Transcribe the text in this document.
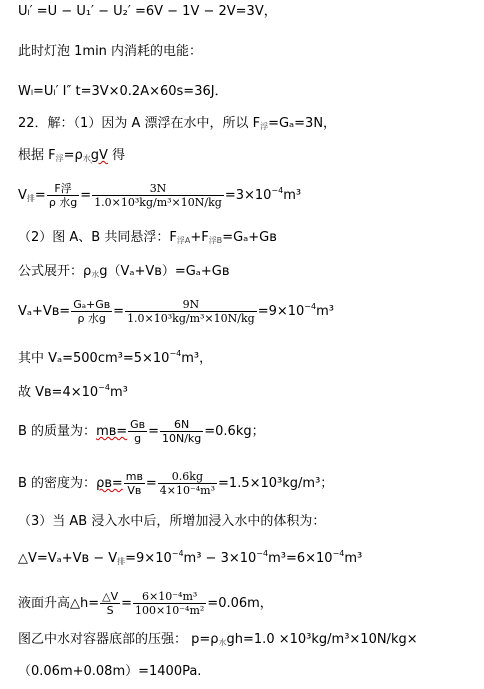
Uₗ′ =U − U₁′ − U₂′ =6V − 1V − 2V=3V，
此时灯泡 1min 内消耗的电能：
Wₗ=Uₗ′ I″ t=3V×0.2A×60s=36J．
22．解：（1）因为 A 漂浮在水中，所以 F浮=Gₐ=3N，
根据 F浮=ρ水gV 得
V排= $\frac{\text{F浮}}{\text{ρ 水g}} = \frac{3N}{\text{1.0×10³kg/m³×10N/kg}} =3\times 10^{-4}m^3$
（2）图 A、B 共同悬浮：F浮A+F浮B=Gₐ+Gʙ
公式展开：ρ水g（Vₐ+Vʙ）=Gₐ+Gʙ
Vₐ+Vʙ= $\frac{\text{Gₐ+Gʙ}}{\text{ρ 水g}} = \frac{9N}{\text{1.0×10³kg/m³×10N/kg}} =9\times 10^{-4}m^3$
其中 $V_a=500cm^3=5\times 10^{-4}m^3$，
故 $Vʙ=4\times 10^{-4}m^3$
B 的质量为：mʙ= $\frac{\text{Gʙ}}{g} = \frac{6N}{10N/kg} =0.6kg$；
B 的密度为：ρʙ= $\frac{\text{mʙ}}{\text{Vʙ}} = \frac{0.6kg}{\text{4×10⁻⁴m³}} =1.5\times 10^3kg/m^3$；
（3）当 AB 浸入水中后，所增加浸入水中的体积为：
△V=Vₐ+Vʙ − V排$=9\times 10^{-4}m^3 - 3\times 10^{-4}m^3=6\times 10^{-4}m^3$
液面升高△h= $\frac{\triangle V}{S} = \frac{\text{6×10⁻⁴m³}}{\text{100×10⁻⁴m²}} =0.06m$，
图乙中水对容器底部的压强： p=ρ水gh=1.0 ×10³kg/m³×10N/kg×
（0.06m+0.08m）=1400Pa.
